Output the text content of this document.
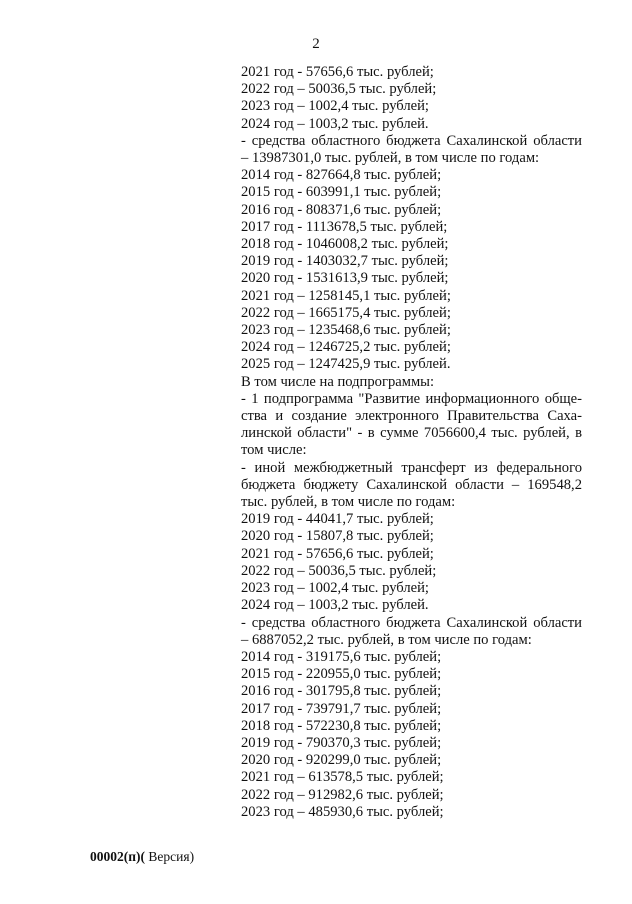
2
2021 год - 57656,6 тыс. рублей;
2022 год – 50036,5 тыс. рублей;
2023 год – 1002,4 тыс. рублей;
2024 год – 1003,2 тыс. рублей.
- средства областного бюджета Сахалинской области
– 13987301,0 тыс. рублей, в том числе по годам:
2014 год - 827664,8 тыс. рублей;
2015 год - 603991,1 тыс. рублей;
2016 год - 808371,6 тыс. рублей;
2017 год - 1113678,5 тыс. рублей;
2018 год - 1046008,2 тыс. рублей;
2019 год - 1403032,7 тыс. рублей;
2020 год - 1531613,9 тыс. рублей;
2021 год – 1258145,1 тыс. рублей;
2022 год – 1665175,4 тыс. рублей;
2023 год – 1235468,6 тыс. рублей;
2024 год – 1246725,2 тыс. рублей;
2025 год – 1247425,9 тыс. рублей.
В том числе на подпрограммы:
- 1 подпрограмма "Развитие информационного обще-
ства и создание электронного Правительства Саха-
линской области" - в сумме 7056600,4 тыс. рублей, в
том числе:
- иной межбюджетный трансферт из федерального
бюджета бюджету Сахалинской области – 169548,2
тыс. рублей, в том числе по годам:
2019 год - 44041,7 тыс. рублей;
2020 год - 15807,8 тыс. рублей;
2021 год - 57656,6 тыс. рублей;
2022 год – 50036,5 тыс. рублей;
2023 год – 1002,4 тыс. рублей;
2024 год – 1003,2 тыс. рублей.
- средства областного бюджета Сахалинской области
– 6887052,2 тыс. рублей, в том числе по годам:
2014 год - 319175,6 тыс. рублей;
2015 год - 220955,0 тыс. рублей;
2016 год - 301795,8 тыс. рублей;
2017 год - 739791,7 тыс. рублей;
2018 год - 572230,8 тыс. рублей;
2019 год - 790370,3 тыс. рублей;
2020 год - 920299,0 тыс. рублей;
2021 год – 613578,5 тыс. рублей;
2022 год – 912982,6 тыс. рублей;
2023 год – 485930,6 тыс. рублей;
00002(п)( Версия)
